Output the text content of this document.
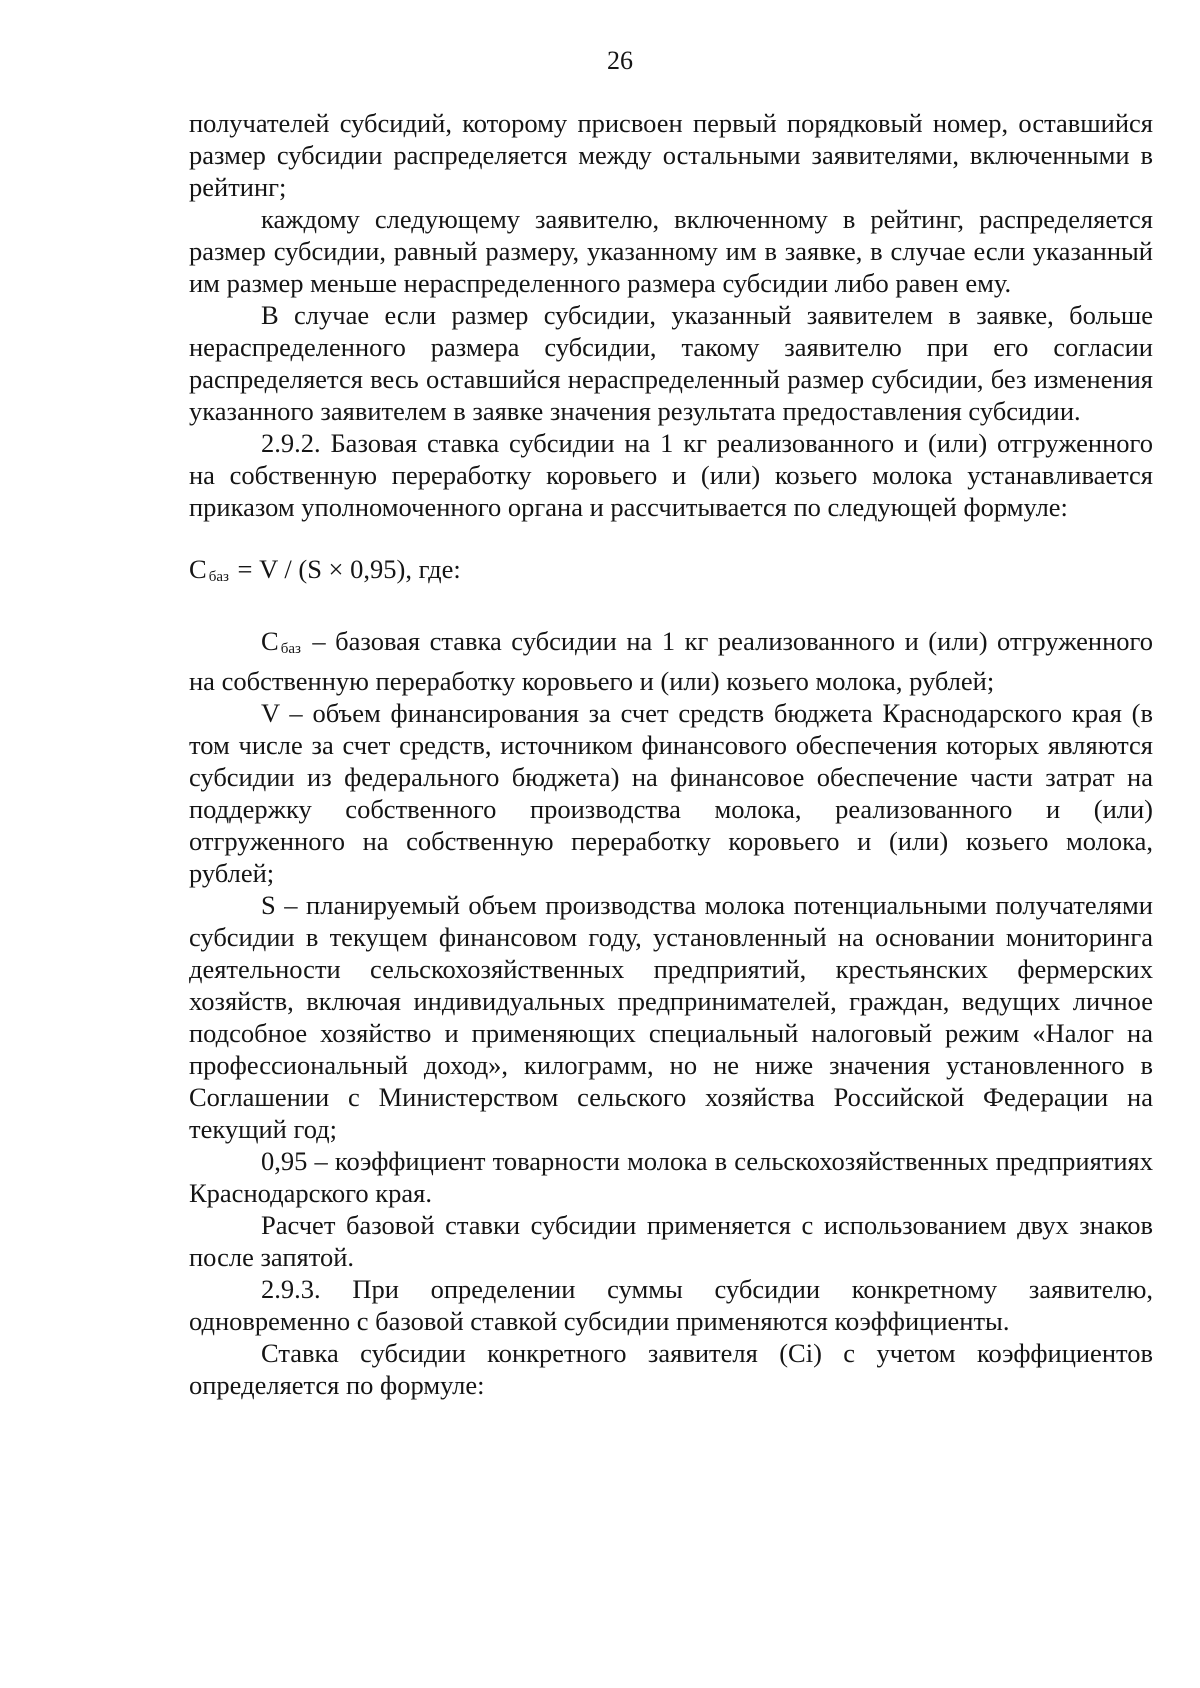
26

получателей субсидий, которому присвоен первый порядковый номер, оставшийся размер субсидии распределяется между остальными заявителями, включенными в рейтинг;

каждому следующему заявителю, включенному в рейтинг, распределяется размер субсидии, равный размеру, указанному им в заявке, в случае если указанный им размер меньше нераспределенного размера субсидии либо равен ему.

В случае если размер субсидии, указанный заявителем в заявке, больше нераспределенного размера субсидии, такому заявителю при его согласии распределяется весь оставшийся нераспределенный размер субсидии, без изменения указанного заявителем в заявке значения результата предоставления субсидии.

2.9.2. Базовая ставка субсидии на 1 кг реализованного и (или) отгруженного на собственную переработку коровьего и (или) козьего молока устанавливается приказом уполномоченного органа и рассчитывается по следующей формуле:

С $_{баз}$ = V / (S × 0,95), где:

С $_{баз}$ – базовая ставка субсидии на 1 кг реализованного и (или) отгруженного на собственную переработку коровьего и (или) козьего молока, рублей;

V – объем финансирования за счет средств бюджета Краснодарского края (в том числе за счет средств, источником финансового обеспечения которых являются субсидии из федерального бюджета) на финансовое обеспечение части затрат на поддержку собственного производства молока, реализованного и (или) отгруженного на собственную переработку коровьего и (или) козьего молока, рублей;

S – планируемый объем производства молока потенциальными получателями субсидии в текущем финансовом году, установленный на основании мониторинга деятельности сельскохозяйственных предприятий, крестьянских фермерских хозяйств, включая индивидуальных предпринимателей, граждан, ведущих личное подсобное хозяйство и применяющих специальный налоговый режим «Налог на профессиональный доход», килограмм, но не ниже значения установленного в Соглашении с Министерством сельского хозяйства Российской Федерации на текущий год;

0,95 – коэффициент товарности молока в сельскохозяйственных предприятиях Краснодарского края.

Расчет базовой ставки субсидии применяется с использованием двух знаков после запятой.

2.9.3. При определении суммы субсидии конкретному заявителю, одновременно с базовой ставкой субсидии применяются коэффициенты.

Ставка субсидии конкретного заявителя (Ci) с учетом коэффициентов определяется по формуле:
